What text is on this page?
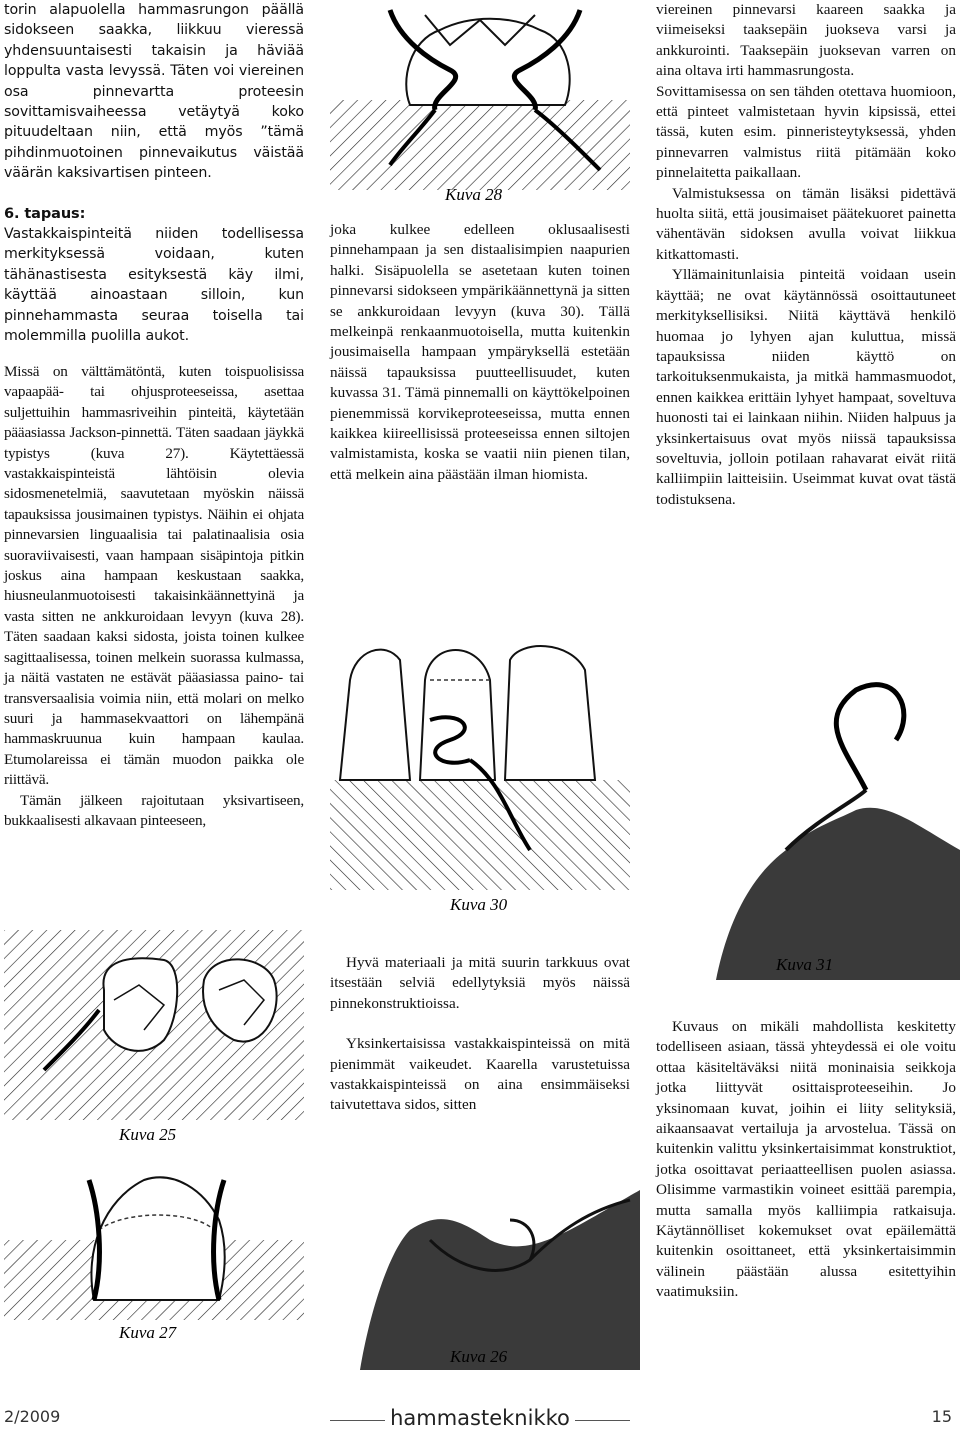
torin alapuolella hammasrungon päällä sidokseen saakka, liikkuu vieressä yhdensuuntaisesti takaisin ja häviää loppulta vasta levyssä. Täten voi viereinen osa pinnevartta proteesin sovittamisvaiheessa vetäytyä koko pituudeltaan niin, että myös ”tämä pihdinmuotoinen pinnevaikutus väistää väärän kaksivartisen pinteen.

6. tapaus:

Vastakkaispinteitä niiden todellisessa merkityksessä voidaan, kuten tähänastisesta esityksestä käy ilmi, käyttää ainoastaan silloin, kun pinnehammasta seuraa toisella tai molemmilla puolilla aukot.

Missä on välttämätöntä, kuten toispuolisissa vapaapää- tai ohjusproteeseissa, asettaa suljettuihin hammasriveihin pinteitä, käytetään pääasiassa Jackson-pinnettä. Täten saadaan jäykkä typistys (kuva 27). Käytettäessä vastakkaispinteistä lähtöisin olevia sidosmenetelmiä, saavutetaan myöskin näissä tapauksissa jousimainen typistys. Näihin ei ohjata pinnevarsien linguaalisia tai palatinaalisia osia suoraviivaisesti, vaan hampaan sisäpintoja pitkin joskus aina hampaan keskustaan saakka, hiusneulanmuotoisesti takaisinkäännettyinä ja vasta sitten ne ankkuroidaan levyyn (kuva 28). Täten saadaan kaksi sidosta, joista toinen kulkee sagittaalisessa, toinen melkein suorassa kulmassa, ja näitä vastaten ne estävät pääasiassa paino- tai transversaalisia voimia niin, että molari on melko suuri ja hammasekvaattori on lähempänä hammaskruunua kuin hampaan kaulaa. Etumolareissa ei tämän muodon paikka ole riittävä.

Tämän jälkeen rajoitutaan yksivartiseen, bukkaalisesti alkavaan pinteeseen,

joka kulkee edelleen oklusaalisesti pinnehampaan ja sen distaalisimpien naapurien halki. Sisäpuolella se asetetaan kuten toinen pinnevarsi sidokseen ympärikäännettynä ja sitten se ankkuroidaan levyyn (kuva 30). Tällä melkeinpä renkaanmuotoisella, mutta kuitenkin jousimaisella hampaan ympäryksellä estetään näissä tapauksissa puutteellisuudet, kuten kuvassa 31. Tämä pinnemalli on käyttökelpoinen pienemmissä korvikeproteeseissa, mutta ennen kaikkea kiireellisissä proteeseissa ennen siltojen valmistamista, koska se vaatii niin pienen tilan, että melkein aina päästään ilman hiomista.

Hyvä materiaali ja mitä suurin tarkkuus ovat itsestään selviä edellytyksiä myös näissä pinnekonstruktioissa.

Yksinkertaisissa vastakkaispinteissä on mitä pienimmät vaikeudet. Kaarella varustetuissa vastakkaispinteissä on aina ensimmäiseksi taivutettava sidos, sitten

viereinen pinnevarsi kaareen saakka ja viimeiseksi taaksepäin juokseva varsi ja ankkurointi. Taaksepäin juoksevan varren on aina oltava irti hammasrungosta.

Sovittamisessa on sen tähden otettava huomioon, että pinteet valmistetaan hyvin kipsissä, ettei tässä, kuten esim. pinneristeytyksessä, yhden pinnevarren valmistus riitä pitämään koko pinnelaitetta paikallaan.

Valmistuksessa on tämän lisäksi pidettävä huolta siitä, että jousimaiset päätekuoret painetta vähentävän sidoksen avulla voivat liikkua kitkattomasti.

Yllämainitunlaisia pinteitä voidaan usein käyttää; ne ovat käytännössä osoittautuneet merkityksellisiksi. Niitä käyttävä henkilö huomaa jo lyhyen ajan kuluttua, missä tapauksissa niiden käyttö on tarkoituksenmukaista, ja mitkä hammasmuodot, ennen kaikkea erittäin lyhyet hampaat, soveltuva huonosti tai ei lainkaan niihin. Niiden halpuus ja yksinkertaisuus ovat myös niissä tapauksissa soveltuvia, jolloin potilaan rahavarat eivät riitä kalliimpiin laitteisiin. Useimmat kuvat ovat tästä todistuksena.

Kuvaus on mikäli mahdollista keskitetty todelliseen asiaan, tässä yhteydessä ei ole voitu ottaa käsiteltäväksi niitä moninaisia seikkoja jotka liittyvät osittaisproteeseihin. Jo yksinomaan kuvat, joihin ei liity selityksiä, aikaansaavat vertailuja ja arvostelua. Tässä on kuitenkin valittu yksinkertaisimmat konstruktiot, jotka osoittavat periaatteellisen puolen asiassa. Olisimme varmastikin voineet esittää parempia, mutta samalla myös kalliimpia ratkaisuja. Käytännölliset kokemukset ovat epäilemättä kuitenkin osoittaneet, että yksinkertaisimmin välinein päästään alussa esitettyihin vaatimuksiin.

Kuva 28
Kuva 30
Kuva 31
Kuva 25
Kuva 27
Kuva 26
2/2009	hammasteknikko	15
